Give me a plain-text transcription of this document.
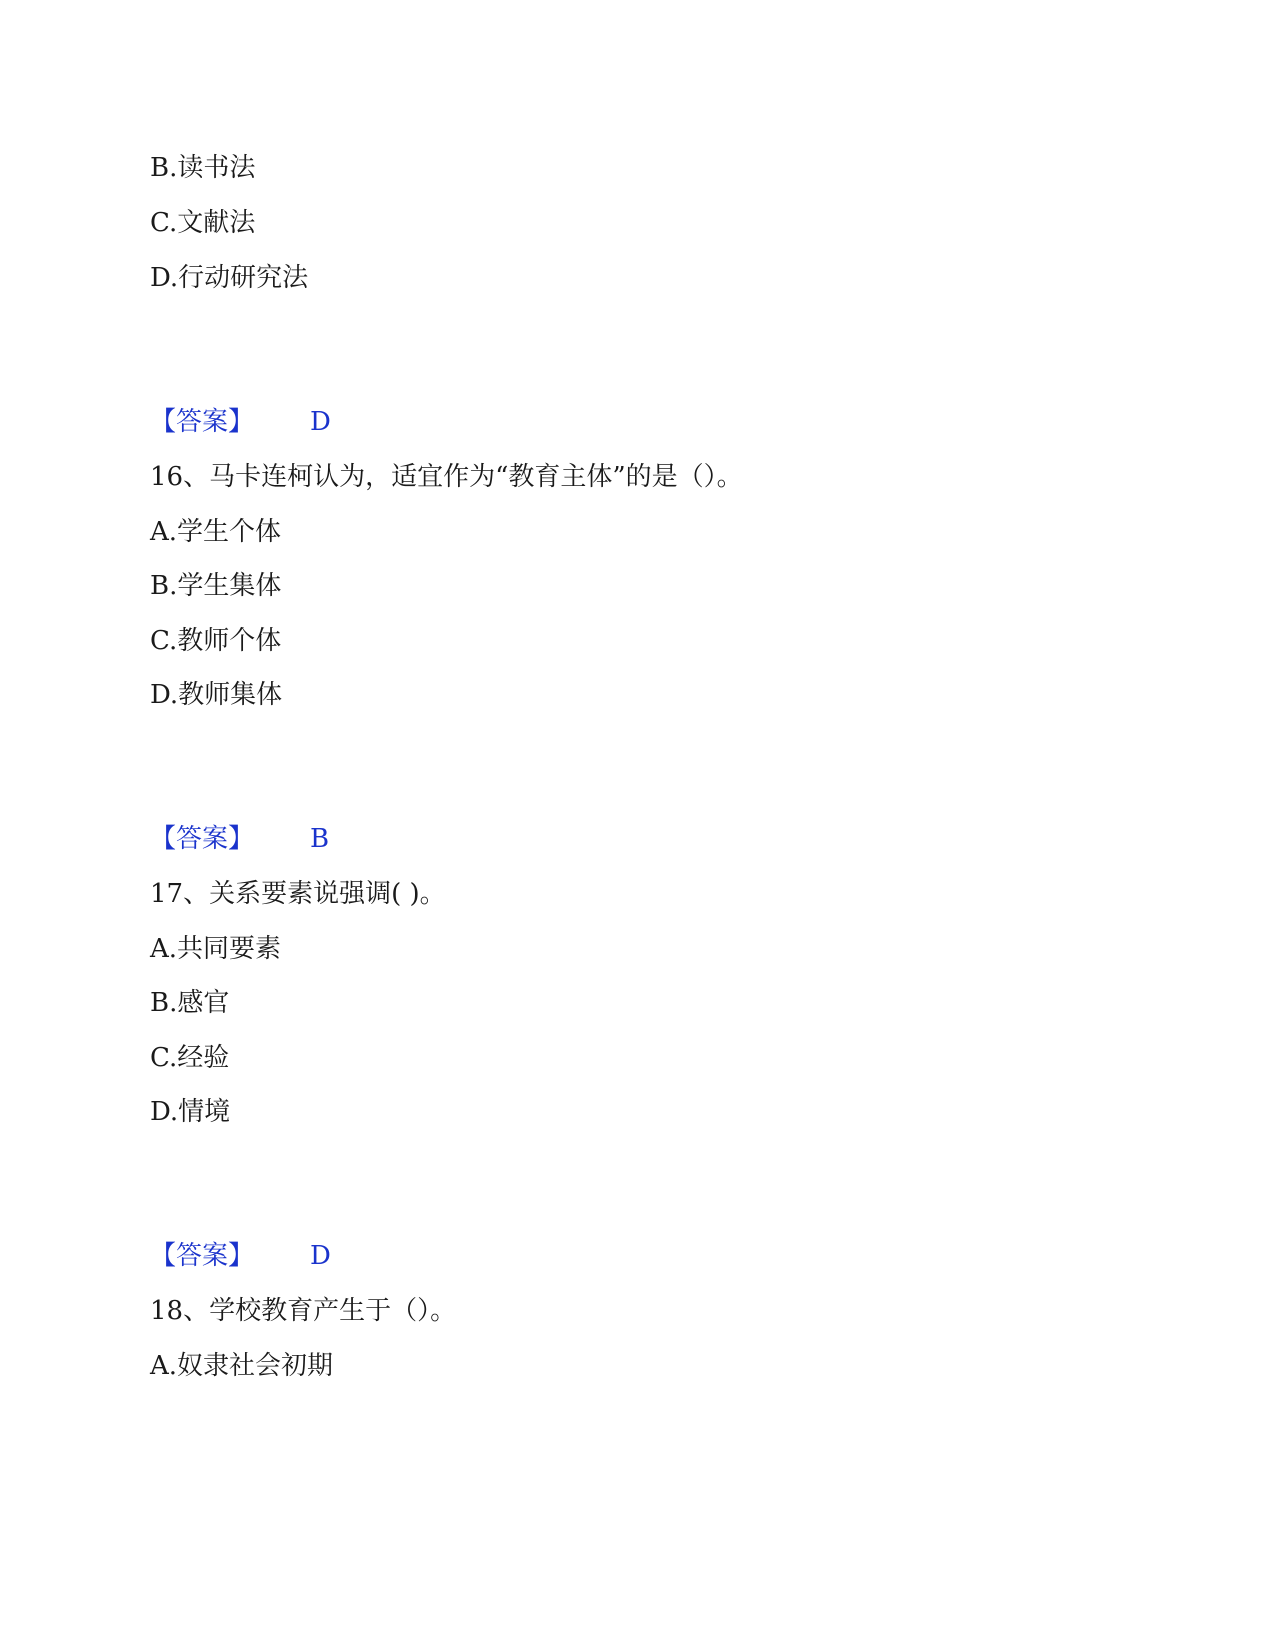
B.读书法
C.文献法
D.行动研究法
【答案】 D
16、马卡连柯认为，适宜作为“教育主体”的是（）。
A.学生个体
B.学生集体
C.教师个体
D.教师集体
【答案】 B
17、关系要素说强调( )。
A.共同要素
B.感官
C.经验
D.情境
【答案】 D
18、学校教育产生于（）。
A.奴隶社会初期
